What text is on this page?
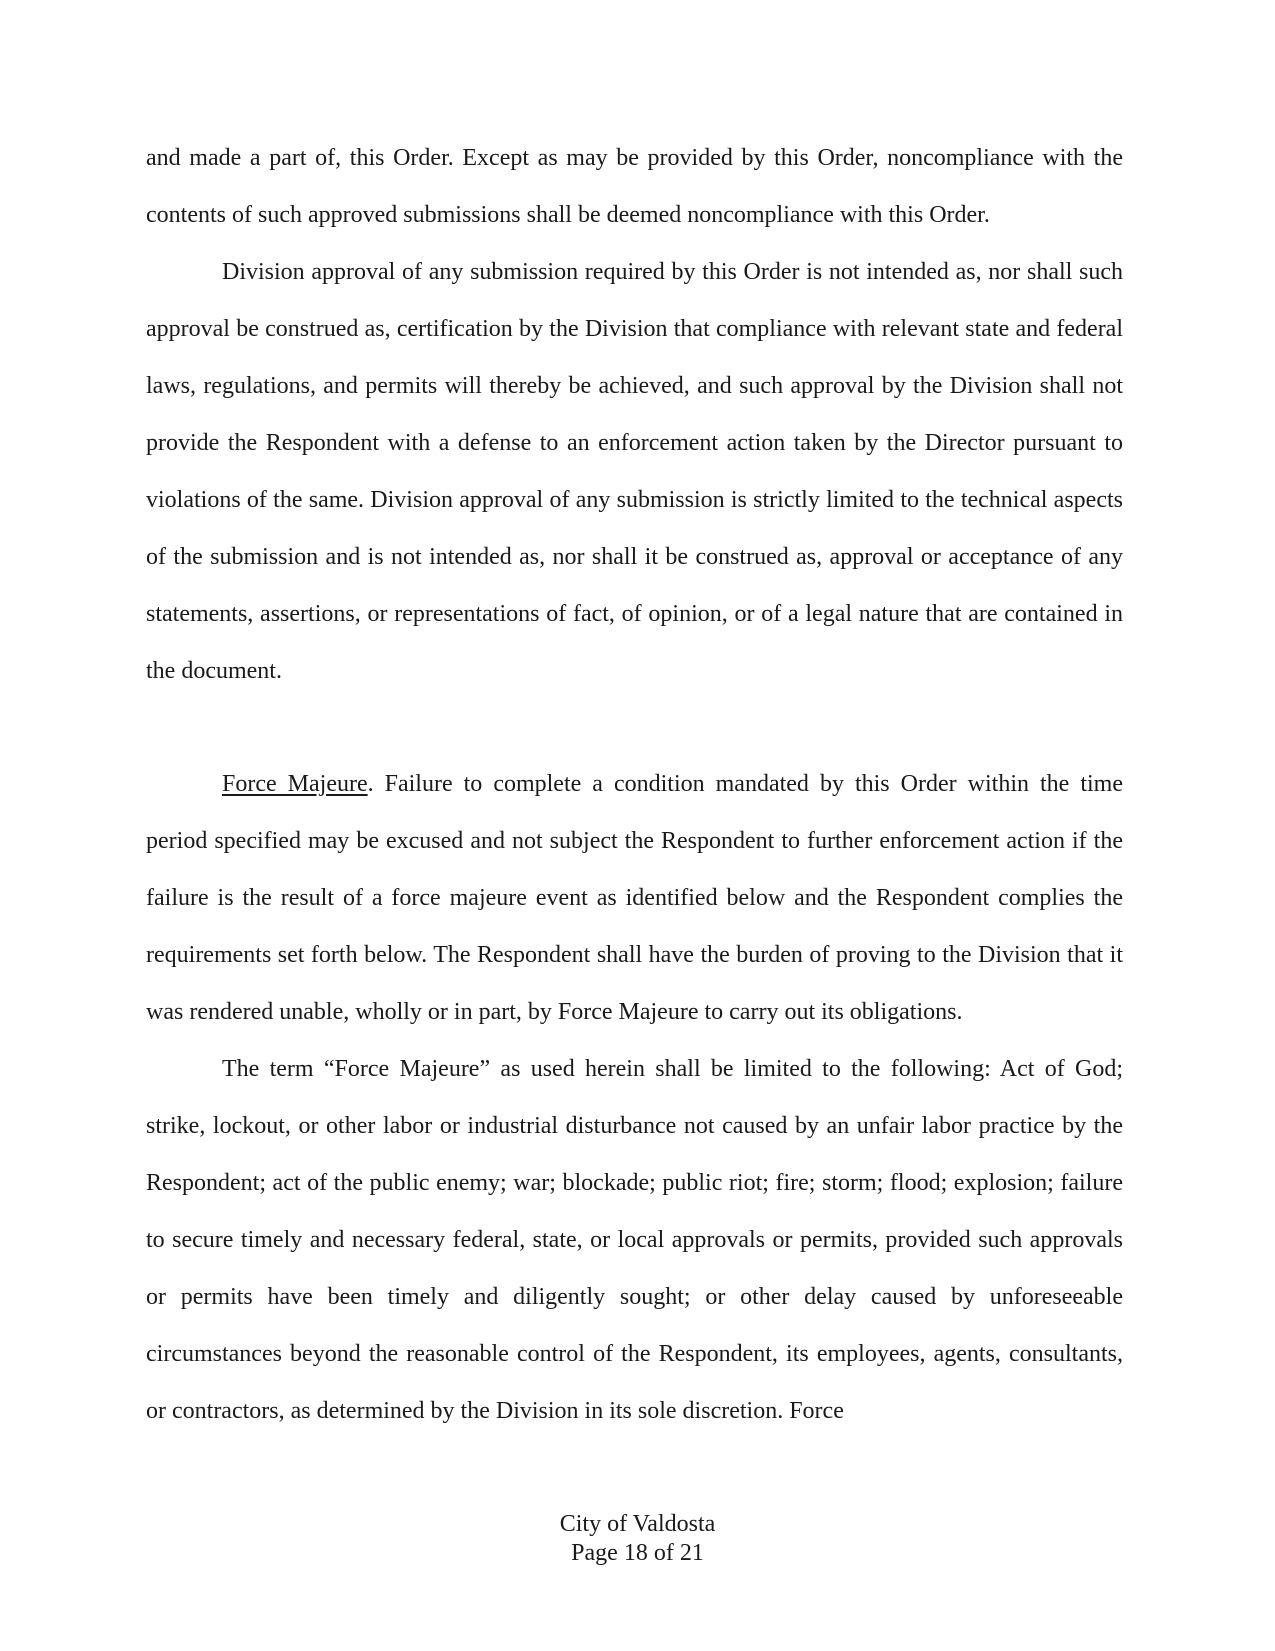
and made a part of, this Order. Except as may be provided by this Order, noncompliance with the contents of such approved submissions shall be deemed noncompliance with this Order.

Division approval of any submission required by this Order is not intended as, nor shall such approval be construed as, certification by the Division that compliance with relevant state and federal laws, regulations, and permits will thereby be achieved, and such approval by the Division shall not provide the Respondent with a defense to an enforcement action taken by the Director pursuant to violations of the same. Division approval of any submission is strictly limited to the technical aspects of the submission and is not intended as, nor shall it be construed as, approval or acceptance of any statements, assertions, or representations of fact, of opinion, or of a legal nature that are contained in the document.

Force Majeure. Failure to complete a condition mandated by this Order within the time period specified may be excused and not subject the Respondent to further enforcement action if the failure is the result of a force majeure event as identified below and the Respondent complies the requirements set forth below. The Respondent shall have the burden of proving to the Division that it was rendered unable, wholly or in part, by Force Majeure to carry out its obligations.

The term “Force Majeure” as used herein shall be limited to the following: Act of God; strike, lockout, or other labor or industrial disturbance not caused by an unfair labor practice by the Respondent; act of the public enemy; war; blockade; public riot; fire; storm; flood; explosion; failure to secure timely and necessary federal, state, or local approvals or permits, provided such approvals or permits have been timely and diligently sought; or other delay caused by unforeseeable circumstances beyond the reasonable control of the Respondent, its employees, agents, consultants, or contractors, as determined by the Division in its sole discretion. Force

City of Valdosta
Page 18 of 21
